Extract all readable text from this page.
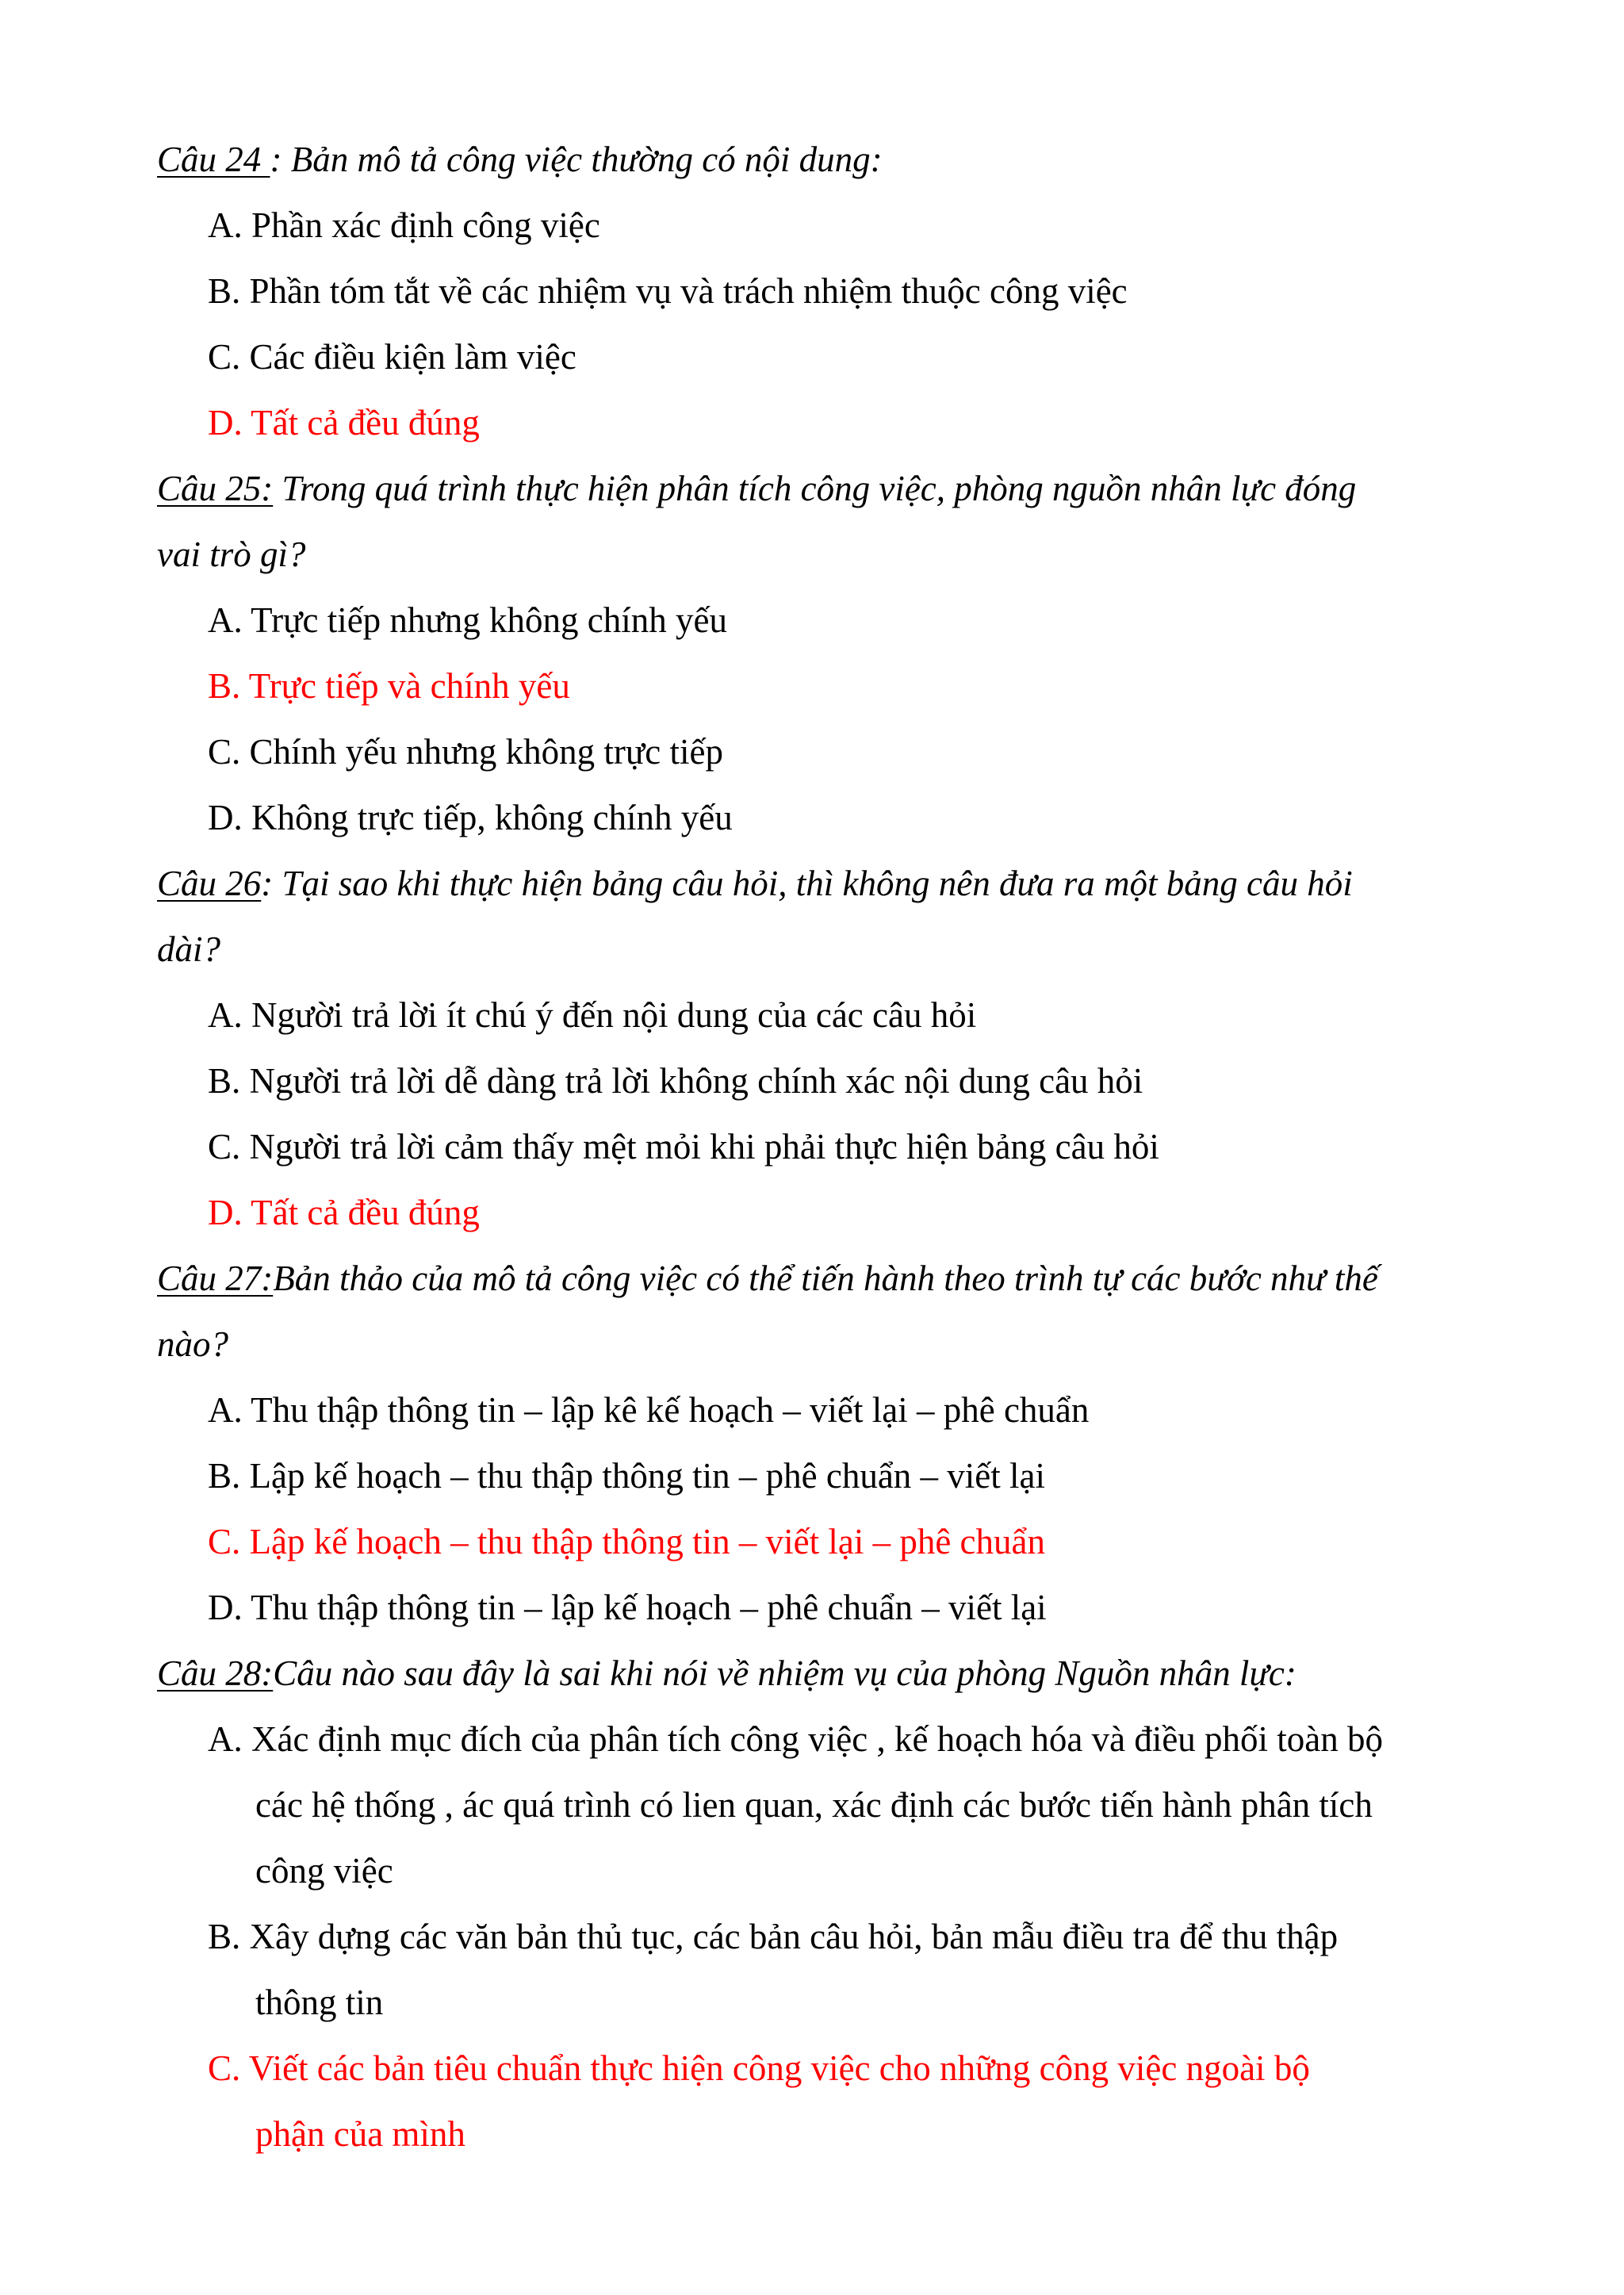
Câu 24 : Bản mô tả công việc thường có nội dung:
A. Phần xác định công việc
B. Phần tóm tắt về các nhiệm vụ và trách nhiệm thuộc công việc
C. Các điều kiện làm việc
D. Tất cả đều đúng
Câu 25: Trong quá trình thực hiện phân tích công việc, phòng nguồn nhân lực đóng
vai trò gì?
A. Trực tiếp nhưng không chính yếu
B. Trực tiếp và chính yếu
C. Chính yếu nhưng không trực tiếp
D. Không trực tiếp, không chính yếu
Câu 26: Tại sao khi thực hiện bảng câu hỏi, thì không nên đưa ra một bảng câu hỏi
dài?
A. Người trả lời ít chú ý đến nội dung của các câu hỏi
B. Người trả lời dễ dàng trả lời không chính xác nội dung câu hỏi
C. Người trả lời cảm thấy mệt mỏi khi phải thực hiện bảng câu hỏi
D. Tất cả đều đúng
Câu 27:Bản thảo của mô tả công việc có thể tiến hành theo trình tự các bước như thế
nào?
A. Thu thập thông tin – lập kê kế hoạch – viết lại – phê chuẩn
B. Lập kế hoạch – thu thập thông tin – phê chuẩn – viết lại
C. Lập kế hoạch – thu thập thông tin – viết lại – phê chuẩn
D. Thu thập thông tin – lập kế hoạch – phê chuẩn – viết lại
Câu 28:Câu nào sau đây là sai khi nói về nhiệm vụ của phòng Nguồn nhân lực:
A. Xác định mục đích của phân tích công việc , kế hoạch hóa và điều phối toàn bộ
các hệ thống , ác quá trình có lien quan, xác định các bước tiến hành phân tích
công việc
B. Xây dựng các văn bản thủ tục, các bản câu hỏi, bản mẫu điều tra để thu thập
thông tin
C. Viết các bản tiêu chuẩn thực hiện công việc cho những công việc ngoài bộ
phận của mình
